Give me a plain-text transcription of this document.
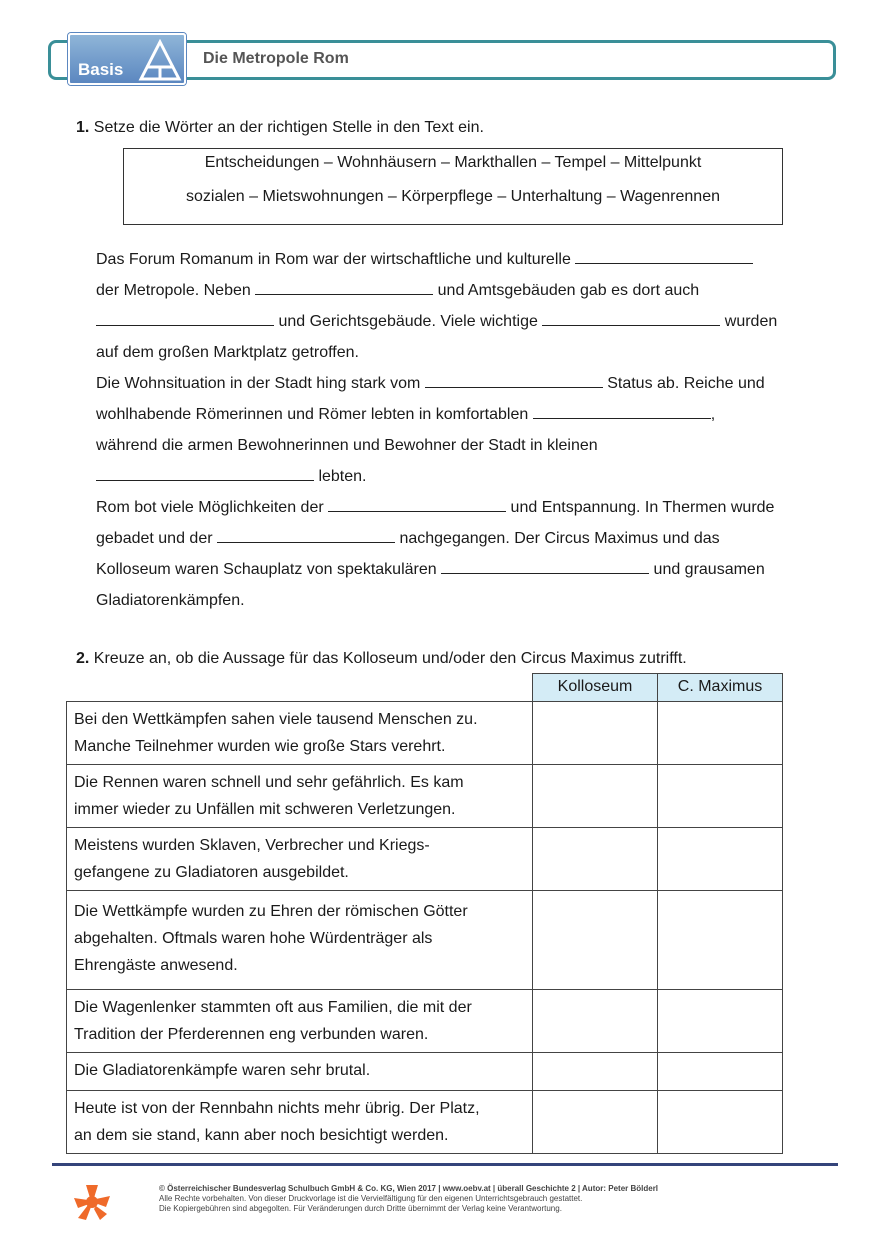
Basis
Die Metropole Rom
1. Setze die Wörter an der richtigen Stelle in den Text ein.
Entscheidungen – Wohnhäusern – Markthallen – Tempel – Mittelpunkt
sozialen – Mietswohnungen – Körperpflege – Unterhaltung – Wagenrennen
Das Forum Romanum in Rom war der wirtschaftliche und kulturelle
der Metropole. Neben	und Amtsgebäuden gab es dort auch
und Gerichtsgebäude. Viele wichtige	wurden
auf dem großen Marktplatz getroffen.
Die Wohnsituation in der Stadt hing stark vom	Status ab. Reiche und
wohlhabende Römerinnen und Römer lebten in komfortablen	,
während die armen Bewohnerinnen und Bewohner der Stadt in kleinen
lebten.
Rom bot viele Möglichkeiten der	und Entspannung. In Thermen wurde
gebadet und der	nachgegangen. Der Circus Maximus und das
Kolloseum waren Schauplatz von spektakulären	und grausamen
Gladiatorenkämpfen.
2. Kreuze an, ob die Aussage für das Kolloseum und/oder den Circus Maximus zutrifft.
	Kolloseum	C. Maximus

Bei den Wettkämpfen sahen viele tausend Menschen zu.
Manche Teilnehmer wurden wie große Stars verehrt.		

Die Rennen waren schnell und sehr gefährlich. Es kam
immer wieder zu Unfällen mit schweren Verletzungen.		

Meistens wurden Sklaven, Verbrecher und Kriegs-
gefangene zu Gladiatoren ausgebildet.		

Die Wettkämpfe wurden zu Ehren der römischen Götter
abgehalten. Oftmals waren hohe Würdenträger als
Ehrengäste anwesend.		

Die Wagenlenker stammten oft aus Familien, die mit der
Tradition der Pferderennen eng verbunden waren.		

Die Gladiatorenkämpfe waren sehr brutal.		

Heute ist von der Rennbahn nichts mehr übrig. Der Platz,
an dem sie stand, kann aber noch besichtigt werden.		

© Österreichischer Bundesverlag Schulbuch GmbH & Co. KG, Wien 2017 | www.oebv.at | überall Geschichte 2 | Autor: Peter Bölderl
Alle Rechte vorbehalten. Von dieser Druckvorlage ist die Vervielfältigung für den eigenen Unterrichtsgebrauch gestattet.
Die Kopiergebühren sind abgegolten. Für Veränderungen durch Dritte übernimmt der Verlag keine Verantwortung.
